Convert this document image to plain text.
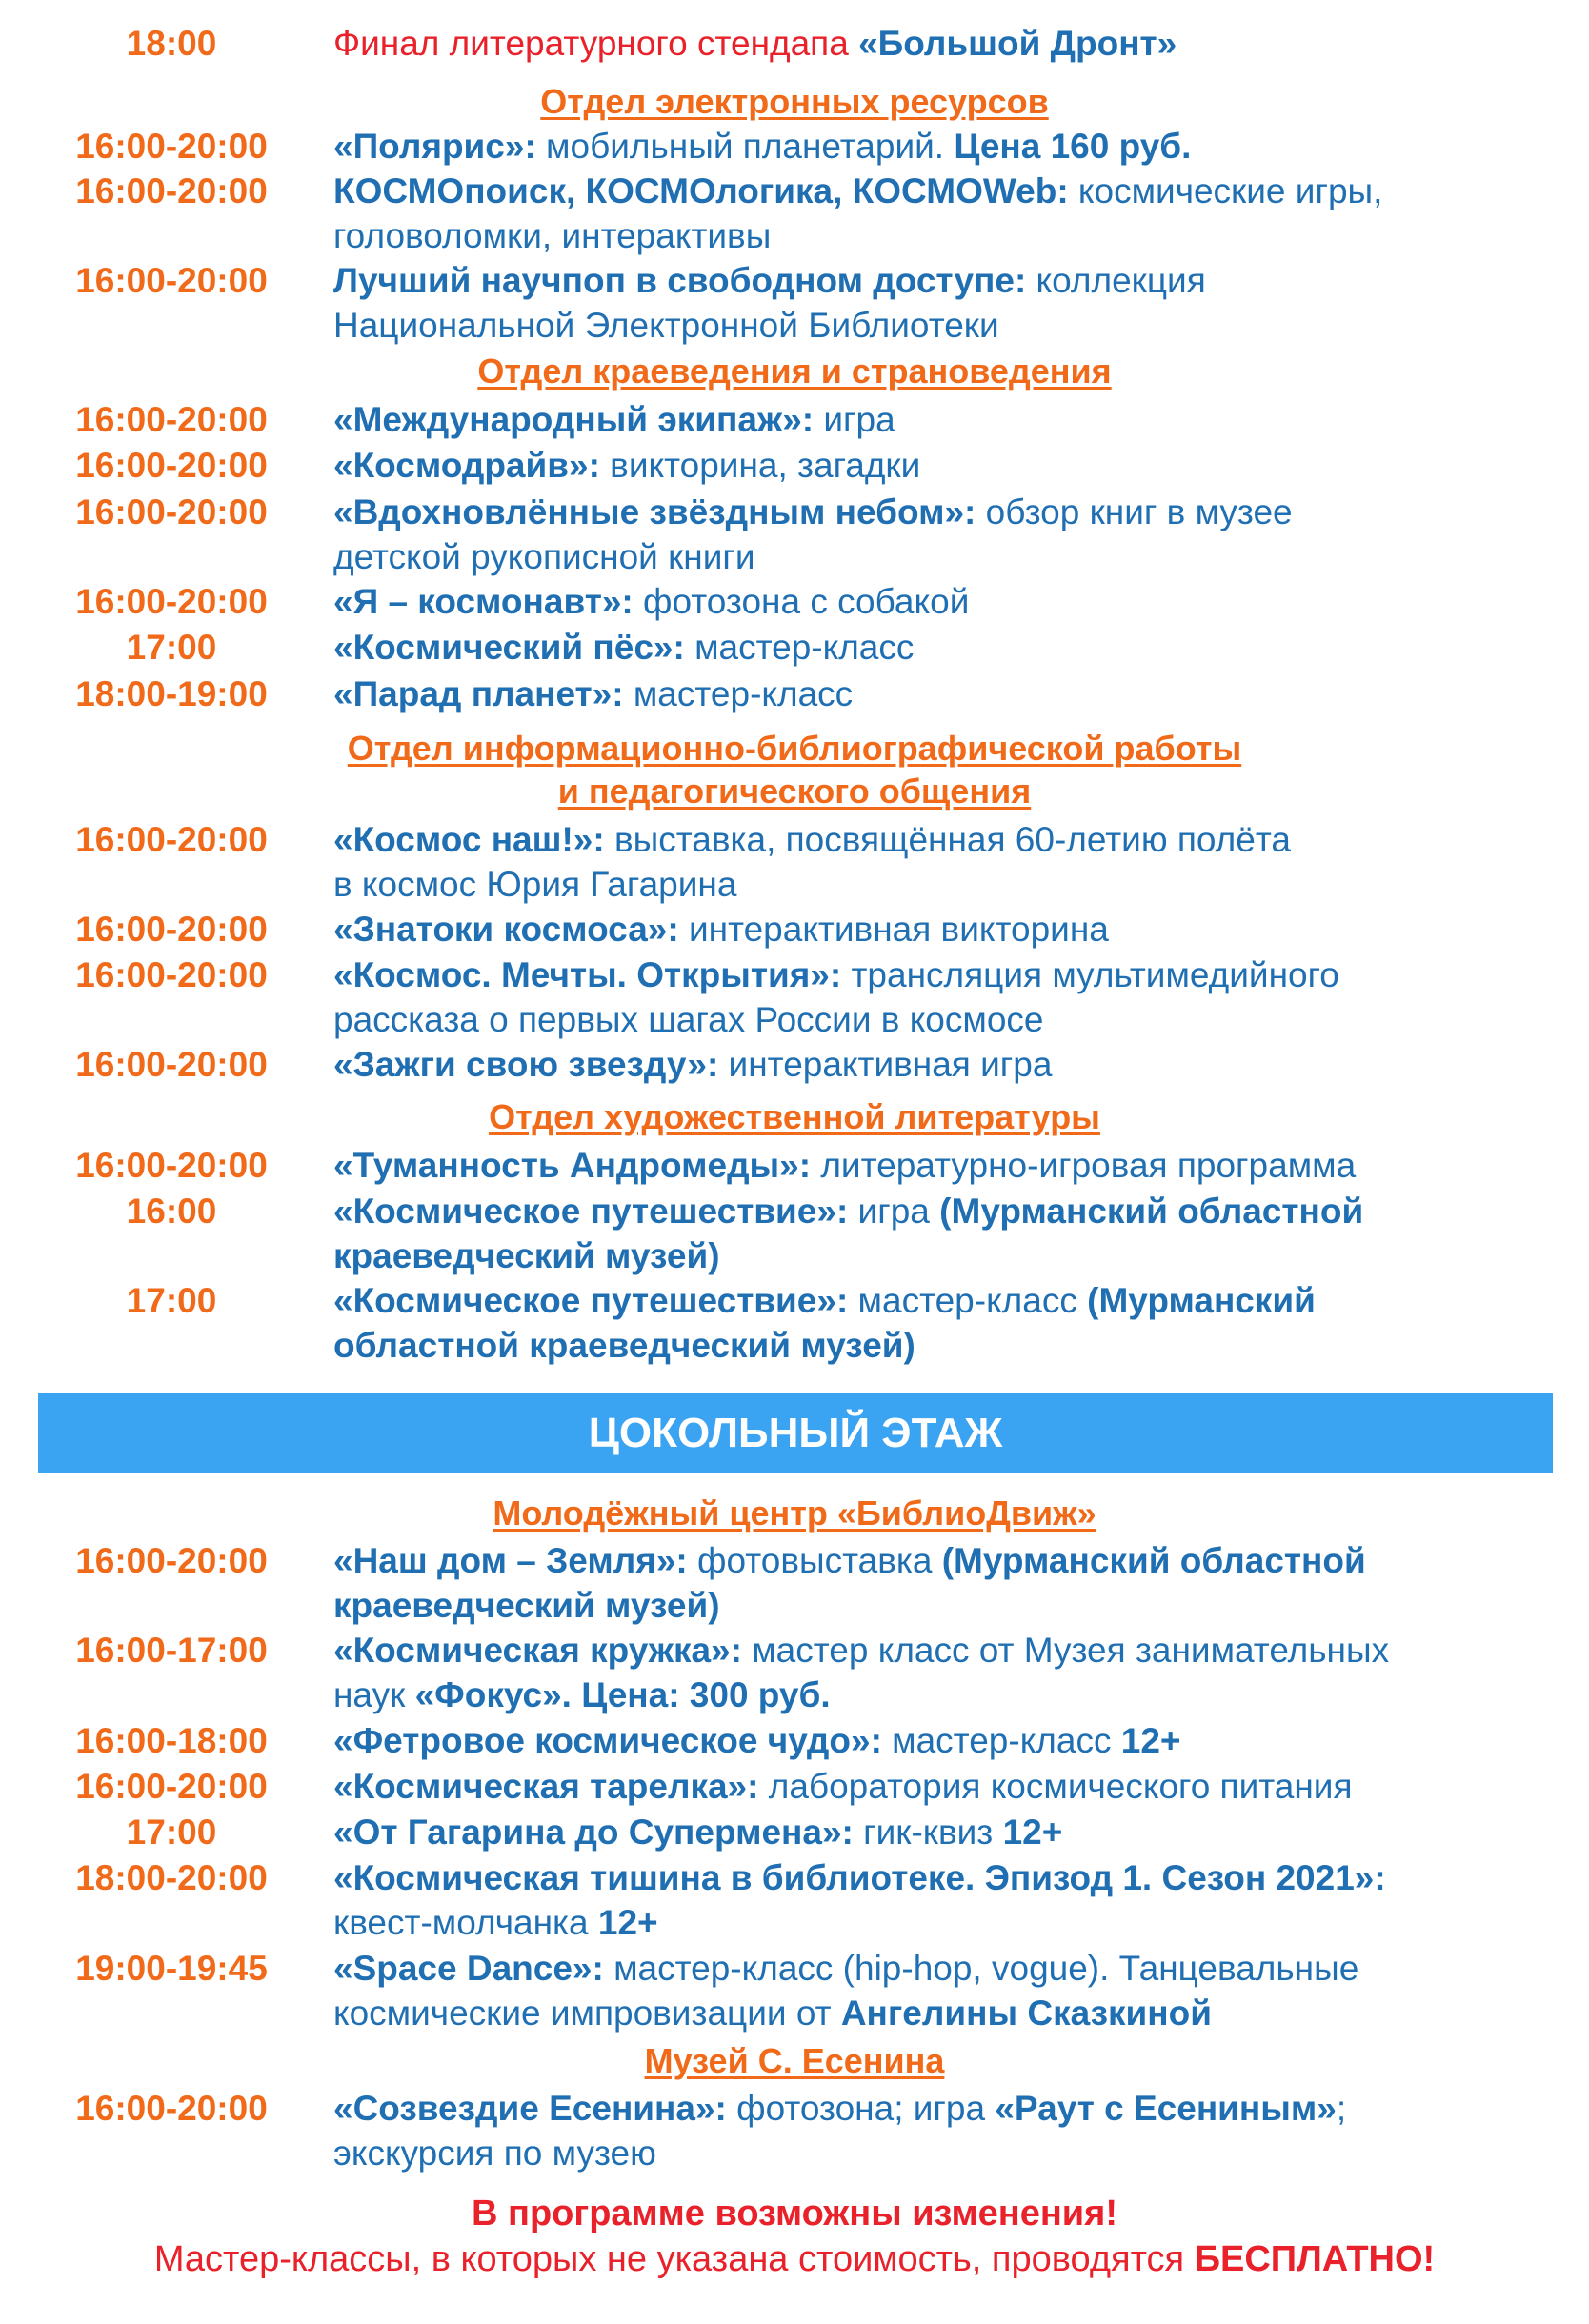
18:00	Финал литературного стендапа «Большой Дронт»
Отдел электронных ресурсов
16:00-20:00	«Полярис»: мобильный планетарий. Цена 160 руб.
16:00-20:00	КОСМОпоиск, КОСМОлогика, КОСМОWeb: космические игры,
головоломки, интерактивы
16:00-20:00	Лучший научпоп в свободном доступе: коллекция
Национальной Электронной Библиотеки
Отдел краеведения и страноведения
16:00-20:00	«Международный экипаж»: игра
16:00-20:00	«Космодрайв»: викторина, загадки
16:00-20:00	«Вдохновлённые звёздным небом»: обзор книг в музее
детской рукописной книги
16:00-20:00	«Я – космонавт»: фотозона с собакой
17:00	«Космический пёс»: мастер-класс
18:00-19:00	«Парад планет»: мастер-класс
Отдел информационно-библиографической работы
и педагогического общения
16:00-20:00	«Космос наш!»: выставка, посвящённая 60-летию полёта
в космос Юрия Гагарина
16:00-20:00	«Знатоки космоса»: интерактивная викторина
16:00-20:00	«Космос. Мечты. Открытия»: трансляция мультимедийного
рассказа о первых шагах России в космосе
16:00-20:00	«Зажги свою звезду»: интерактивная игра
Отдел художественной литературы
16:00-20:00	«Туманность Андромеды»: литературно-игровая программа
16:00	«Космическое путешествие»: игра (Мурманский областной
краеведческий музей)
17:00	«Космическое путешествие»: мастер-класс (Мурманский
областной краеведческий музей)
ЦОКОЛЬНЫЙ ЭТАЖ
Молодёжный центр «БиблиоДвиж»
16:00-20:00	«Наш дом – Земля»: фотовыставка (Мурманский областной
краеведческий музей)
16:00-17:00	«Космическая кружка»: мастер класс от Музея занимательных
наук «Фокус». Цена: 300 руб.
16:00-18:00	«Фетровое космическое чудо»: мастер-класс 12+
16:00-20:00	«Космическая тарелка»: лаборатория космического питания
17:00	«От Гагарина до Супермена»: гик-квиз 12+
18:00-20:00	«Космическая тишина в библиотеке. Эпизод 1. Сезон 2021»:
квест-молчанка 12+
19:00-19:45	«Space Dance»: мастер-класс (hip-hop, vogue). Танцевальные
космические импровизации от Ангелины Сказкиной
Музей С. Есенина
16:00-20:00	«Созвездие Есенина»: фотозона; игра «Раут с Есениным»;
экскурсия по музею
В программе возможны изменения!
Мастер-классы, в которых не указана стоимость, проводятся БЕСПЛАТНО!
